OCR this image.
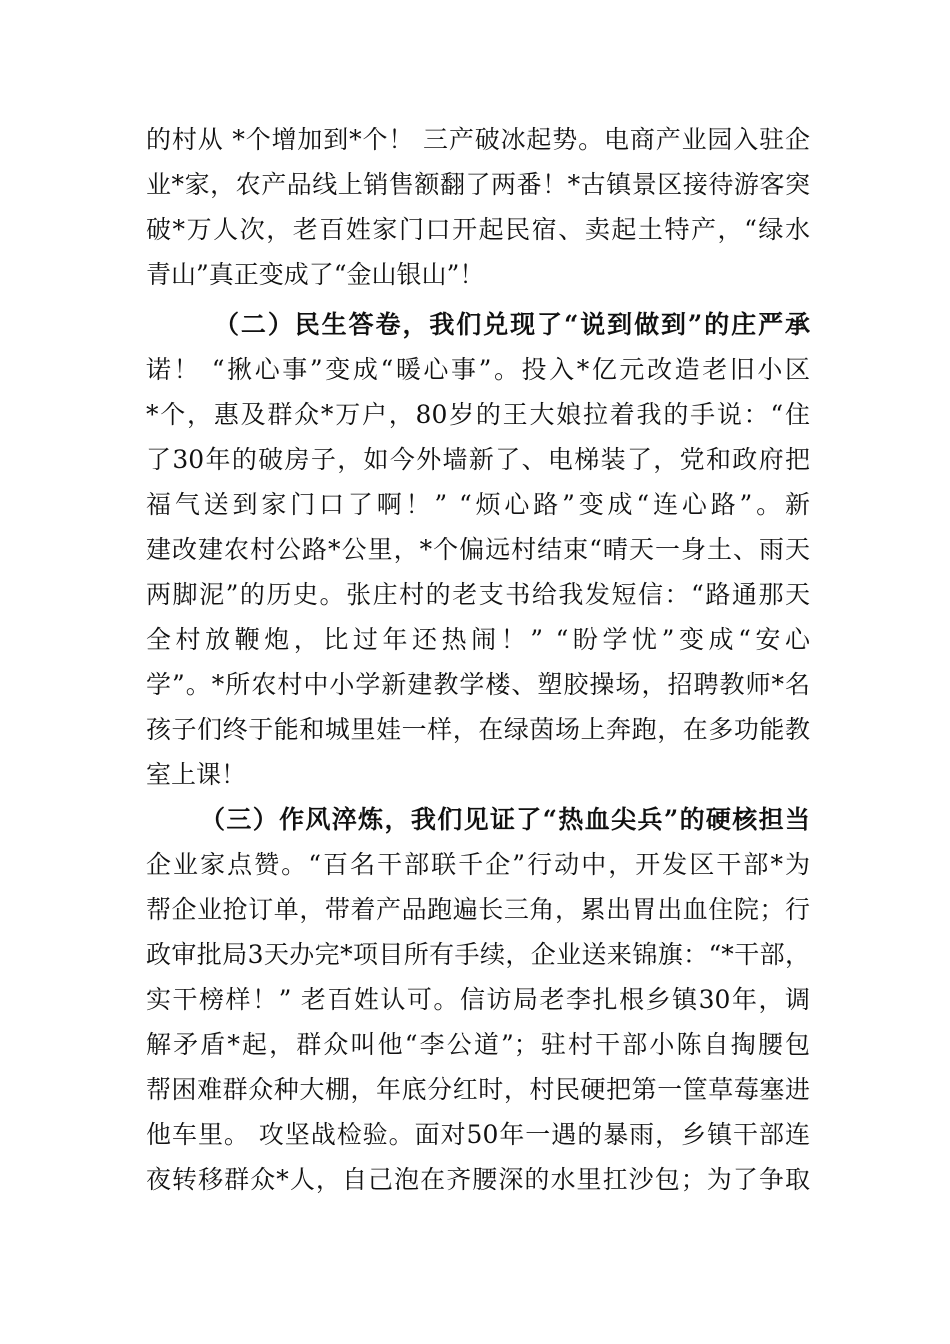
的村从 *个增加到*个！ 三产破冰起势。电商产业园入驻企
业*家，农产品线上销售额翻了两番！*古镇景区接待游客突
破*万人次，老百姓家门口开起民宿、卖起土特产，“绿水
青山”真正变成了“金山银山”！
（二）民生答卷，我们兑现了“说到做到”的庄严承
诺！ “揪心事”变成“暖心事”。投入*亿元改造老旧小区
*个，惠及群众*万户，80岁的王大娘拉着我的手说：“住
了30年的破房子，如今外墙新了、电梯装了，党和政府把
福气送到家门口了啊！” “烦心路”变成“连心路”。新
建改建农村公路*公里，*个偏远村结束“晴天一身土、雨天
两脚泥”的历史。张庄村的老支书给我发短信：“路通那天
全村放鞭炮，比过年还热闹！” “盼学忧”变成“安心
学”。*所农村中小学新建教学楼、塑胶操场，招聘教师*名
孩子们终于能和城里娃一样，在绿茵场上奔跑，在多功能教
室上课！
（三）作风淬炼，我们见证了“热血尖兵”的硬核担当
企业家点赞。“百名干部联千企”行动中，开发区干部*为
帮企业抢订单，带着产品跑遍长三角，累出胃出血住院；行
政审批局3天办完*项目所有手续，企业送来锦旗：“*干部，
实干榜样！” 老百姓认可。信访局老李扎根乡镇30年，调
解矛盾*起，群众叫他“李公道”；驻村干部小陈自掏腰包
帮困难群众种大棚，年底分红时，村民硬把第一筐草莓塞进
他车里。 攻坚战检验。面对50年一遇的暴雨，乡镇干部连
夜转移群众*人，自己泡在齐腰深的水里扛沙包；为了争取
